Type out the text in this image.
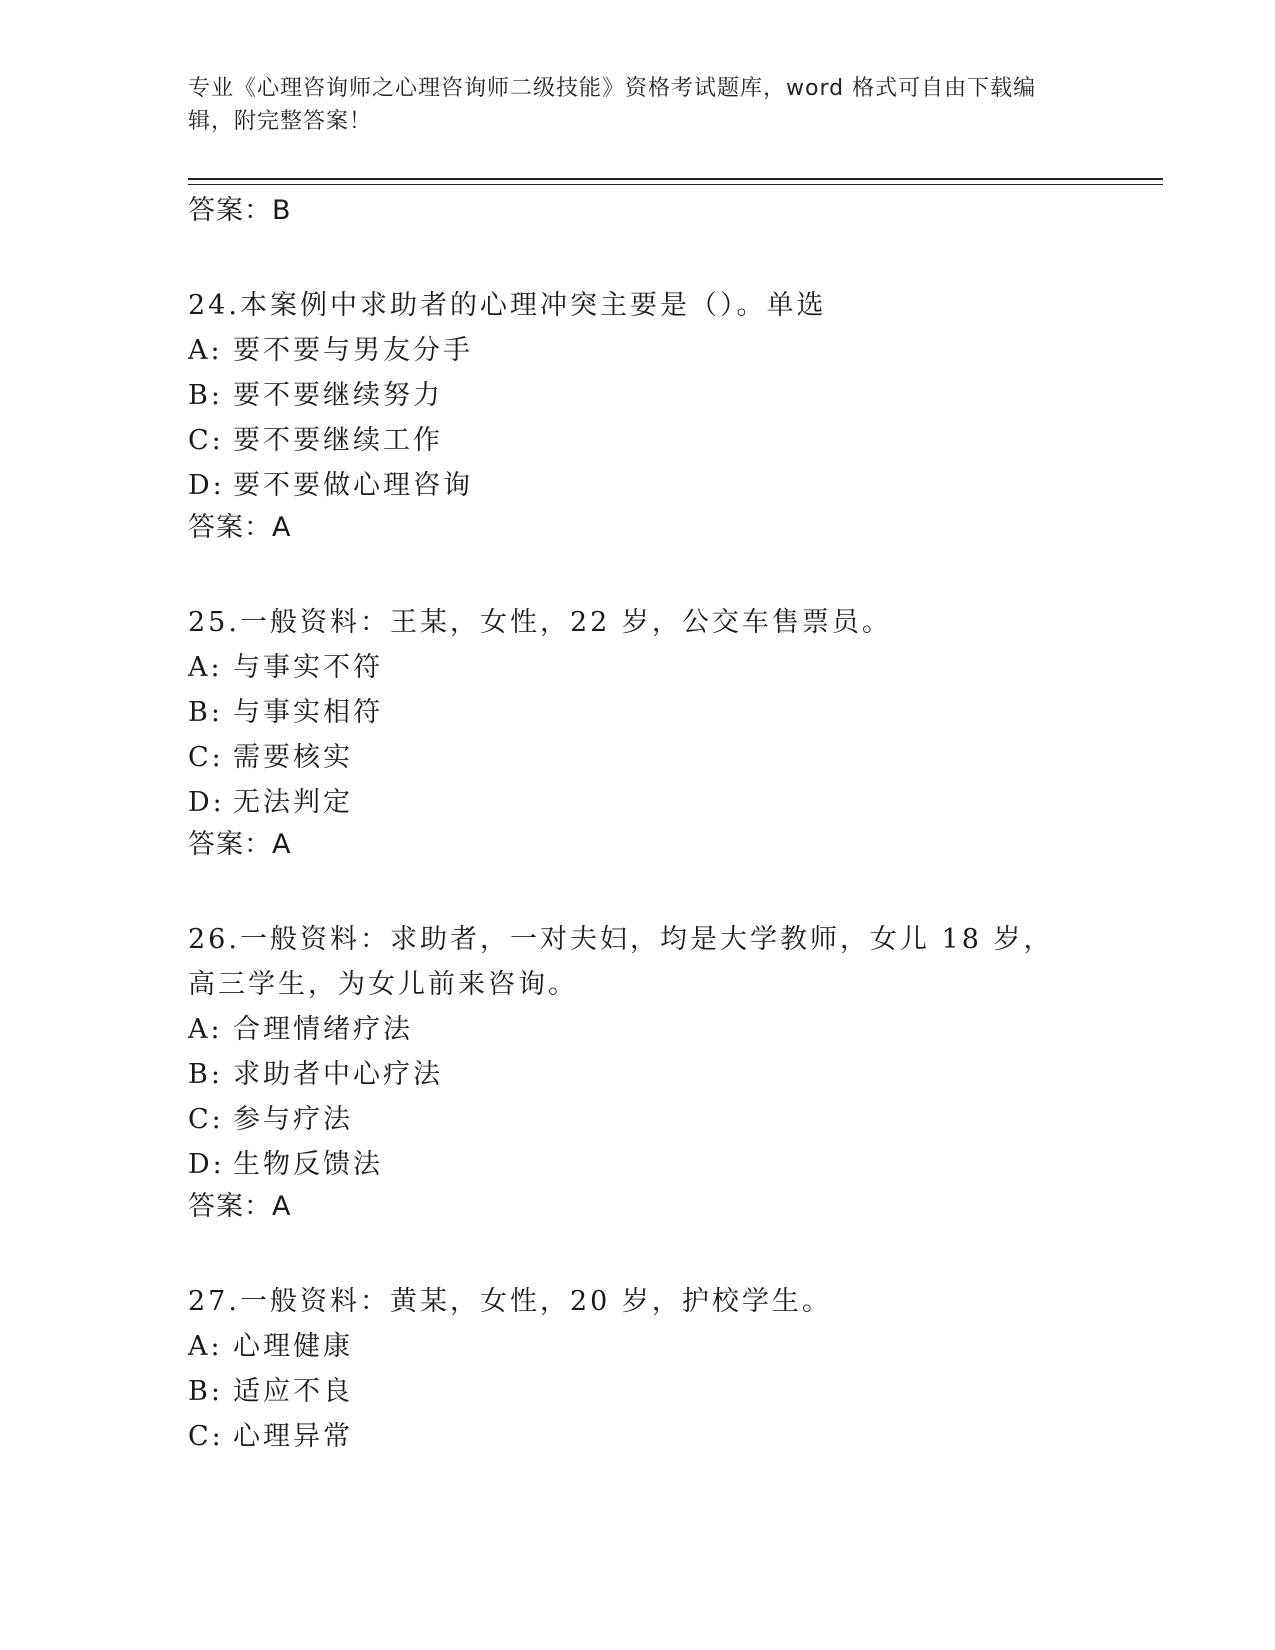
专业《心理咨询师之心理咨询师二级技能》资格考试题库，word 格式可自由下载编辑，附完整答案！

答案：B

24.本案例中求助者的心理冲突主要是（）。单选

A: 要不要与男友分手

B: 要不要继续努力

C: 要不要继续工作

D: 要不要做心理咨询

答案：A

25.一般资料：王某，女性，22 岁，公交车售票员。

A: 与事实不符

B: 与事实相符

C: 需要核实

D: 无法判定

答案：A

26.一般资料：求助者，一对夫妇，均是大学教师，女儿 18 岁，高三学生，为女儿前来咨询。

A: 合理情绪疗法

B: 求助者中心疗法

C: 参与疗法

D: 生物反馈法

答案：A

27.一般资料：黄某，女性，20 岁，护校学生。

A: 心理健康

B: 适应不良

C: 心理异常
